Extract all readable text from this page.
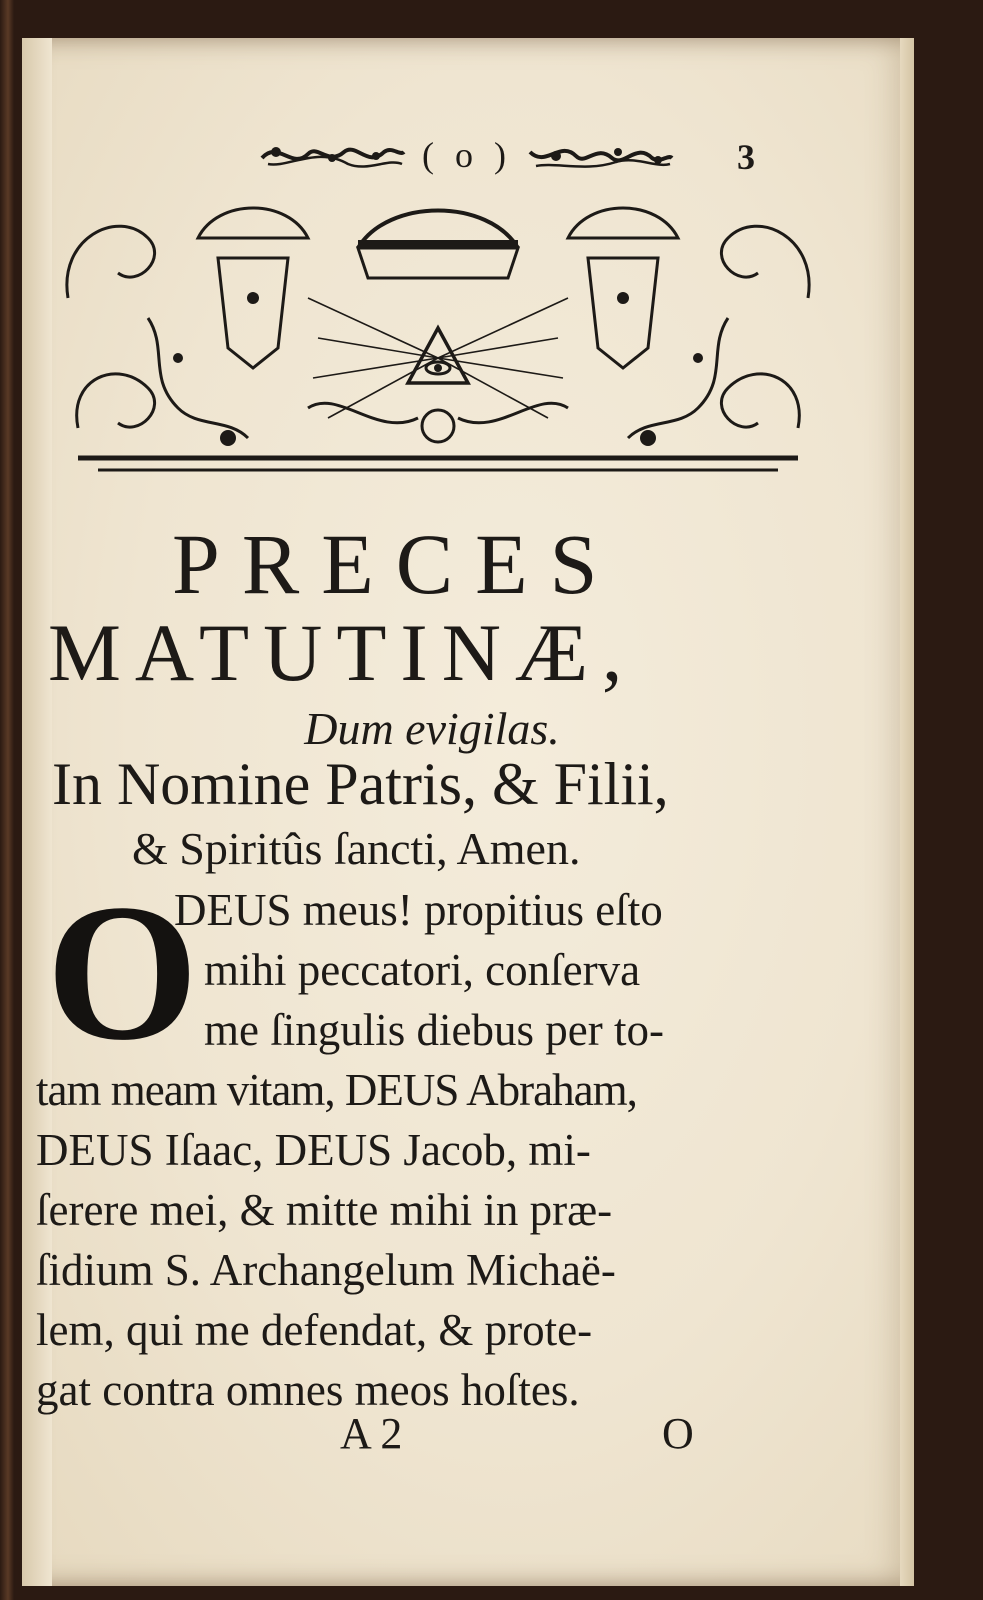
( o )	3
PRECES
MATUTINÆ,
Dum evigilas.
In Nomine Patris, & Filii,
& Spiritûs ſancti, Amen.
O
DEUS meus! propitius eſto
mihi peccatori, conſerva
me ſingulis diebus per to-
tam meam vitam, DEUS Abraham,
DEUS Iſaac, DEUS Jacob, mi-
ſerere mei, & mitte mihi in præ-
ſidium S. Archangelum Michaë-
lem, qui me defendat, & prote-
gat contra omnes meos hoſtes.
A 2	O
